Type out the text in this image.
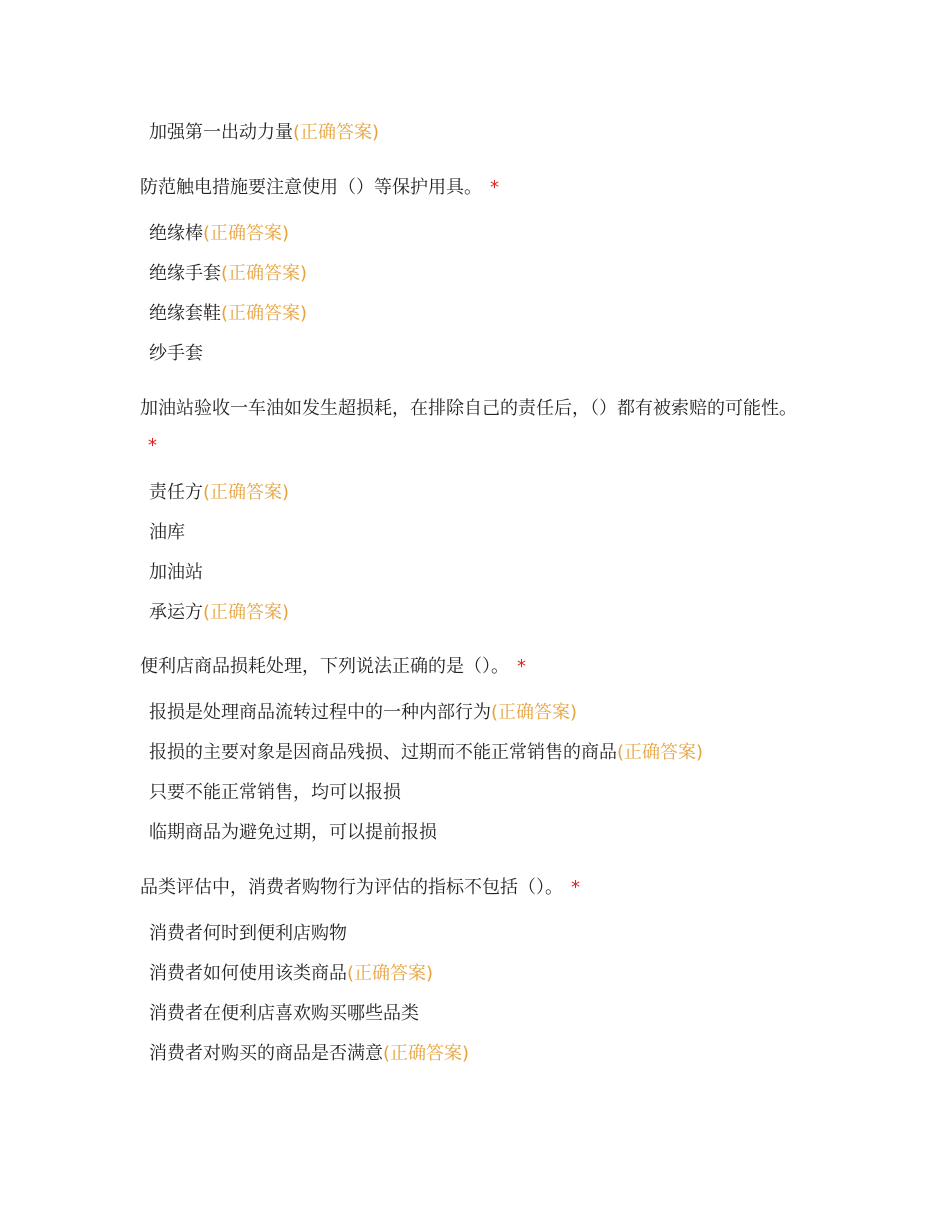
加强第一出动力量(正确答案)
防范触电措施要注意使用（）等保护用具。 *
绝缘棒(正确答案)
绝缘手套(正确答案)
绝缘套鞋(正确答案)
纱手套
加油站验收一车油如发生超损耗，在排除自己的责任后，（）都有被索赔的可能性。*
责任方(正确答案)
油库
加油站
承运方(正确答案)
便利店商品损耗处理，下列说法正确的是（）。 *
报损是处理商品流转过程中的一种内部行为(正确答案)
报损的主要对象是因商品残损、过期而不能正常销售的商品(正确答案)
只要不能正常销售，均可以报损
临期商品为避免过期，可以提前报损
品类评估中，消费者购物行为评估的指标不包括（）。 *
消费者何时到便利店购物
消费者如何使用该类商品(正确答案)
消费者在便利店喜欢购买哪些品类
消费者对购买的商品是否满意(正确答案)
